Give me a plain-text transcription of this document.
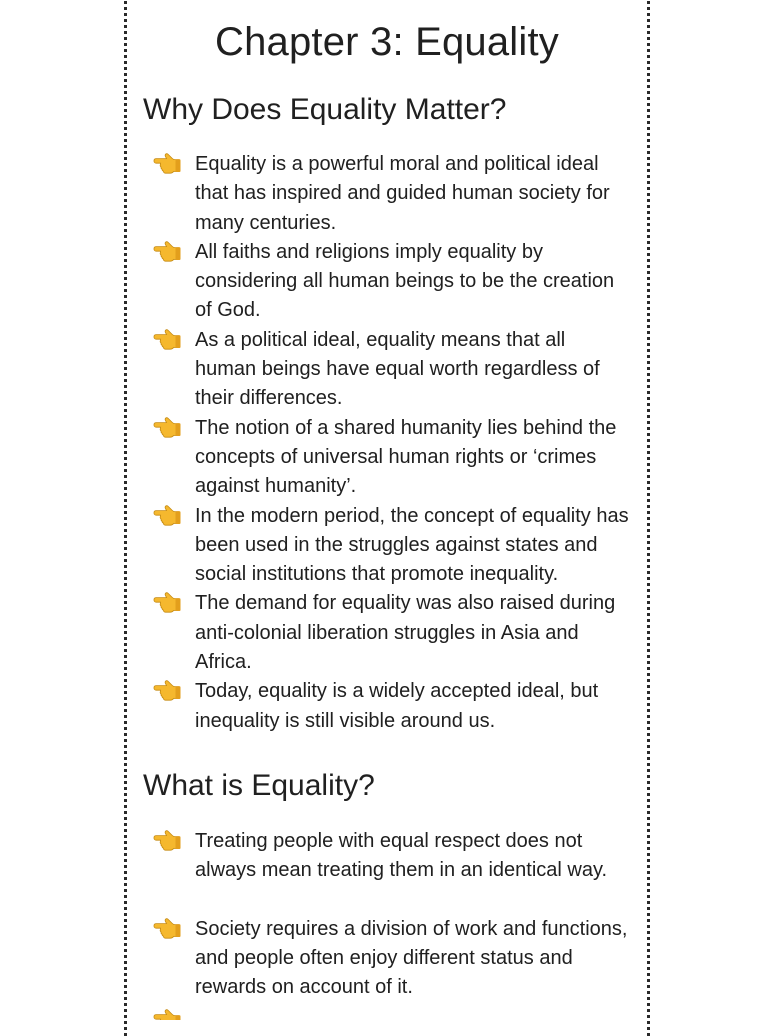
Chapter 3: Equality
Why Does Equality Matter?
Equality is a powerful moral and political ideal that has inspired and guided human society for many centuries.
All faiths and religions imply equality by considering all human beings to be the creation of God.
As a political ideal, equality means that all human beings have equal worth regardless of their differences.
The notion of a shared humanity lies behind the concepts of universal human rights or ‘crimes against humanity’.
In the modern period, the concept of equality has been used in the struggles against states and social institutions that promote inequality.
The demand for equality was also raised during anti-colonial liberation struggles in Asia and Africa.
Today, equality is a widely accepted ideal, but inequality is still visible around us.
What is Equality?
Treating people with equal respect does not always mean treating them in an identical way.
Society requires a division of work and functions, and people often enjoy different status and rewards on account of it.
